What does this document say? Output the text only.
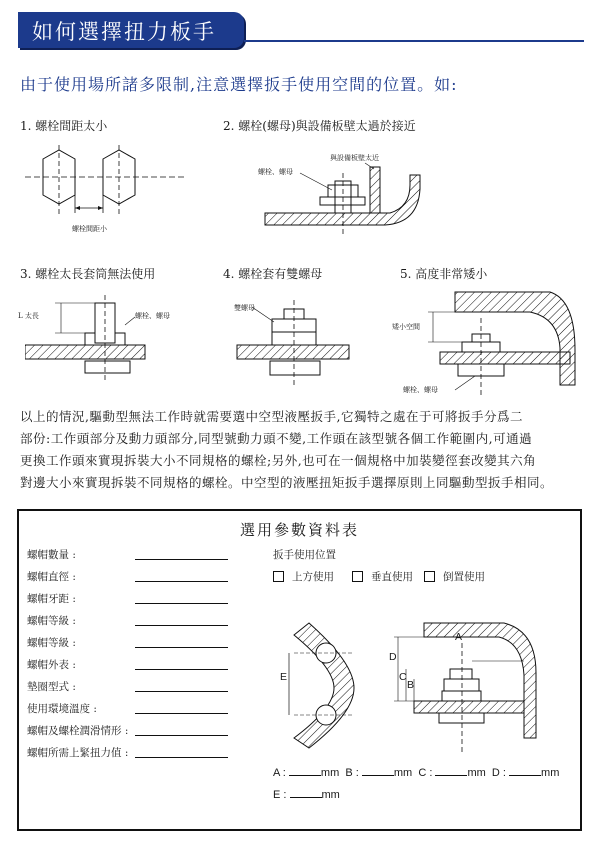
如何選擇扭力板手
由于使用場所諸多限制,注意選擇扳手使用空間的位置。如:
1. 螺栓間距太小	2. 螺栓(螺母)與設備板壁太過於接近
3. 螺栓太長套筒無法使用	4. 螺栓套有雙螺母	5. 高度非常矮小
螺栓間距小
與設備板壁太近
螺栓、螺母
L 太長	螺栓、螺母
雙螺母
矮小空間
螺栓、螺母
以上的情況,驅動型無法工作時就需要選中空型液壓扳手,它獨特之處在于可將扳手分爲二
部份:工作頭部分及動力頭部分,同型號動力頭不變,工作頭在該型號各個工作範圍内,可通過
更換工作頭來實現拆裝大小不同規格的螺栓;另外,也可在一個規格中加裝變徑套改變其六角
對邊大小來實現拆裝不同規格的螺栓。中空型的液壓扭矩扳手選擇原則上同驅動型扳手相同。
選用參數資料表
螺帽數量 :
螺帽直徑 :
螺帽牙距 :
螺帽等級 :
螺帽等級 :
螺帽外表 :
墊圈型式 :
使用環境溫度 :
螺帽及螺栓潤滑情形 :
螺帽所需上緊扭力值 :
扳手使用位置
上方使用	垂直使用	倒置使用
A
B
C
D
E
A :	mm B :	mm C :	mm D :	mm
E :	mm
